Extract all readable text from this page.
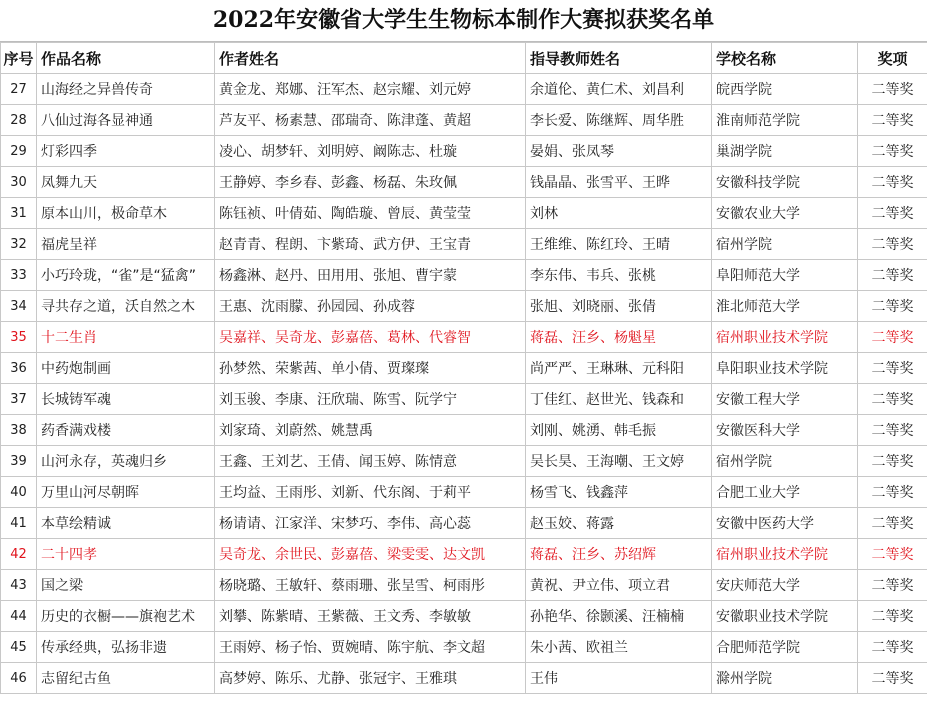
2022年安徽省大学生生物标本制作大赛拟获奖名单
序号	作品名称	作者姓名	指导教师姓名	学校名称	奖项
27	山海经之异兽传奇	黄金龙、郑娜、汪军杰、赵宗耀、刘元婷	余道伦、黄仁术、刘昌利	皖西学院	二等奖
28	八仙过海各显神通	芦友平、杨素慧、邵瑞奇、陈津蓬、黄超	李长爱、陈继辉、周华胜	淮南师范学院	二等奖
29	灯彩四季	凌心、胡梦轩、刘明婷、阚陈志、杜璇	晏娟、张凤琴	巢湖学院	二等奖
30	凤舞九天	王静婷、李乡春、彭鑫、杨磊、朱玫佩	钱晶晶、张雪平、王晔	安徽科技学院	二等奖
31	原本山川，极命草木	陈钰祯、叶倩茹、陶皓璇、曾辰、黄莹莹	刘林	安徽农业大学	二等奖
32	福虎呈祥	赵青青、程朗、卞紫琦、武方伊、王宝青	王维维、陈红玲、王晴	宿州学院	二等奖
33	小巧玲珑，“雀”是“猛禽”	杨鑫淋、赵丹、田用用、张旭、曹宇蒙	李东伟、韦兵、张桃	阜阳师范大学	二等奖
34	寻共存之道，沃自然之木	王惠、沈雨朦、孙园园、孙成蓉	张旭、刘晓丽、张倩	淮北师范大学	二等奖
35	十二生肖	吴嘉祥、吴奇龙、彭嘉蓓、葛林、代睿智	蒋磊、汪乡、杨魁星	宿州职业技术学院	二等奖
36	中药炮制画	孙梦然、荣紫茜、单小倩、贾璨璨	尚严严、王琳琳、元科阳	阜阳职业技术学院	二等奖
37	长城铸军魂	刘玉骏、李康、汪欣瑞、陈雪、阮学宁	丁佳红、赵世光、钱森和	安徽工程大学	二等奖
38	药香满戏楼	刘家琦、刘蔚然、姚慧禹	刘刚、姚湧、韩毛振	安徽医科大学	二等奖
39	山河永存，英魂归乡	王鑫、王刘艺、王倩、闻玉婷、陈情意	吴长昊、王海嘲、王文婷	宿州学院	二等奖
40	万里山河尽朝晖	王均益、王雨彤、刘新、代东阁、于莉平	杨雪飞、钱鑫萍	合肥工业大学	二等奖
41	本草绘精诚	杨请请、江家洋、宋梦巧、李伟、高心蕊	赵玉姣、蒋露	安徽中医药大学	二等奖
42	二十四孝	吴奇龙、余世民、彭嘉蓓、梁雯雯、达文凯	蒋磊、汪乡、苏绍辉	宿州职业技术学院	二等奖
43	国之梁	杨晓璐、王敏轩、蔡雨珊、张呈雪、柯雨彤	黄祝、尹立伟、项立君	安庆师范大学	二等奖
44	历史的衣橱——旗袍艺术	刘攀、陈紫晴、王紫薇、王文秀、李敏敏	孙艳华、徐颢溪、汪楠楠	安徽职业技术学院	二等奖
45	传承经典，弘扬非遗	王雨婷、杨子怡、贾婉晴、陈宇航、李文超	朱小茜、欧祖兰	合肥师范学院	二等奖
46	志留纪古鱼	高梦婷、陈乐、尤静、张冠宇、王雅琪	王伟	滁州学院	二等奖
